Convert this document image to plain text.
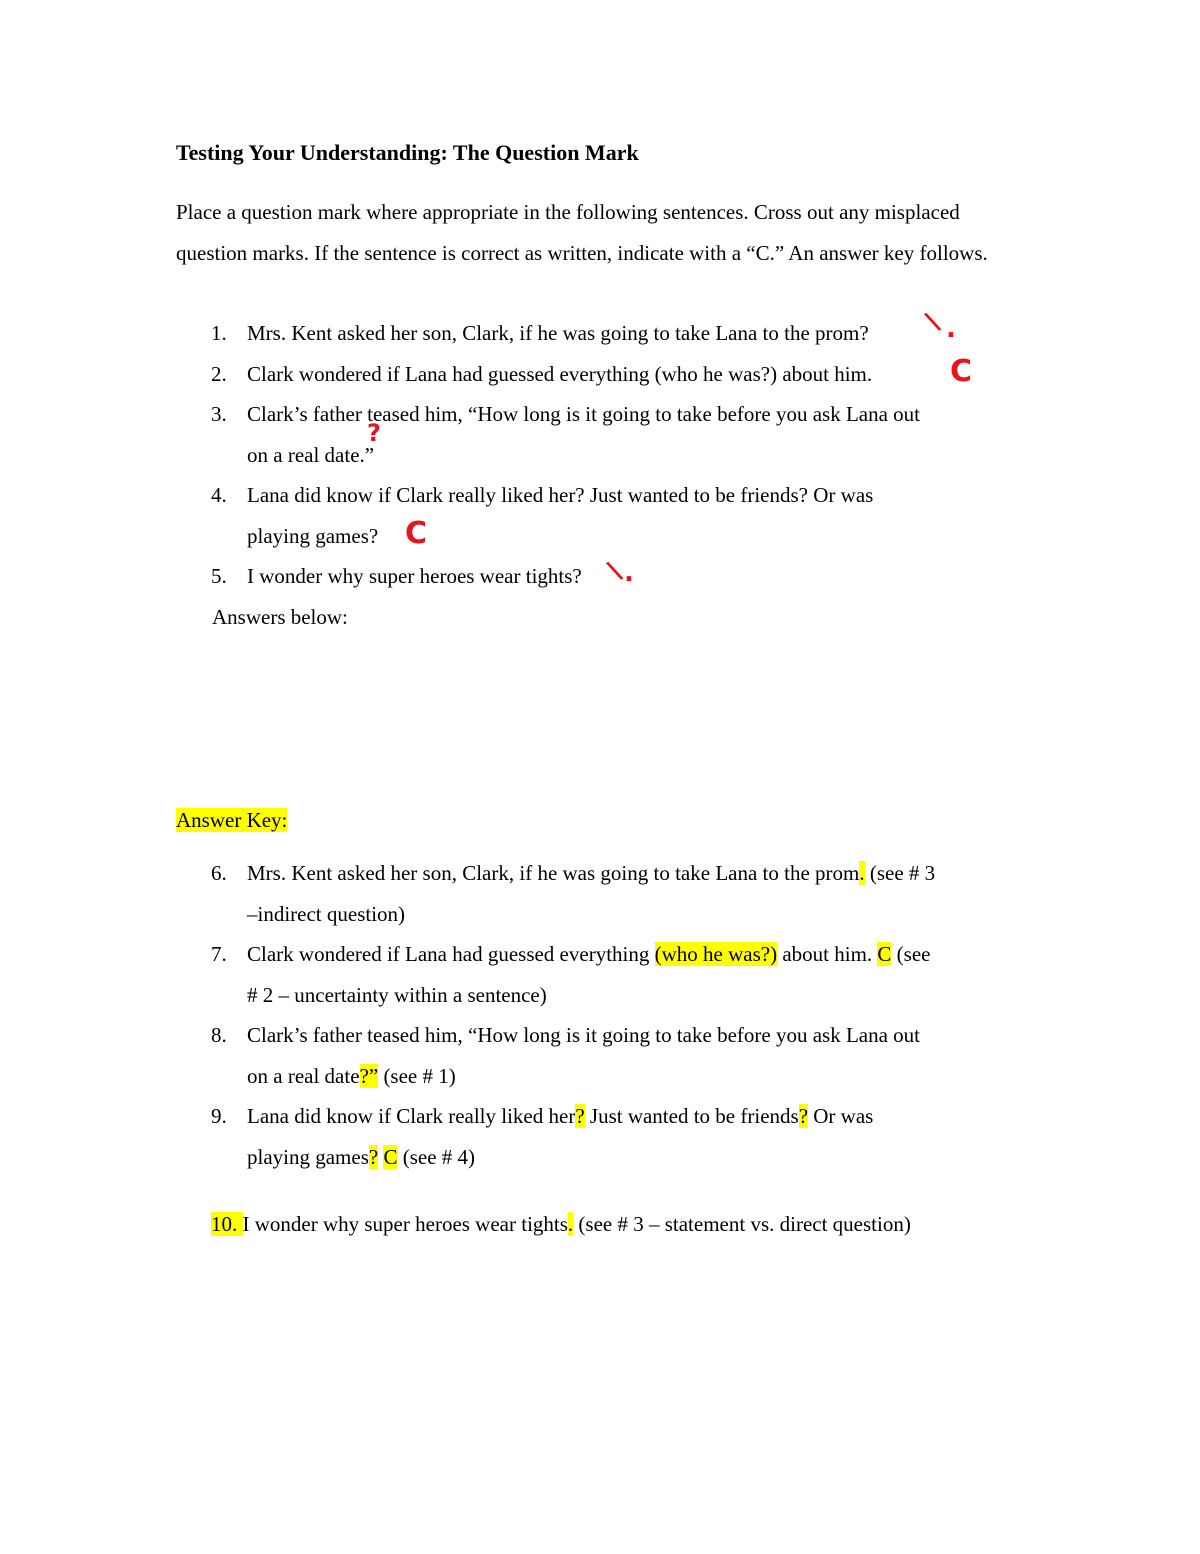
Testing Your Understanding: The Question Mark
Place a question mark where appropriate in the following sentences. Cross out any misplaced question marks. If the sentence is correct as written, indicate with a “C.” An answer key follows.
1. Mrs. Kent asked her son, Clark, if he was going to take Lana to the prom?
2. Clark wondered if Lana had guessed everything (who he was?) about him.
3. Clark’s father teased him, “How long is it going to take before you ask Lana out
on a real date.”
4. Lana did know if Clark really liked her? Just wanted to be friends? Or was
playing games?
5. I wonder why super heroes wear tights?
\ .
C
?
C
\
.
Answers below:
Answer Key:
6. Mrs. Kent asked her son, Clark, if he was going to take Lana to the prom. (see # 3
–indirect question)
7. Clark wondered if Lana had guessed everything (who he was?) about him. C (see
# 2 – uncertainty within a sentence)
8. Clark’s father teased him, “How long is it going to take before you ask Lana out
on a real date?” (see # 1)
9. Lana did know if Clark really liked her? Just wanted to be friends? Or was
playing games? C (see # 4)
10. I wonder why super heroes wear tights. (see # 3 – statement vs. direct question)
